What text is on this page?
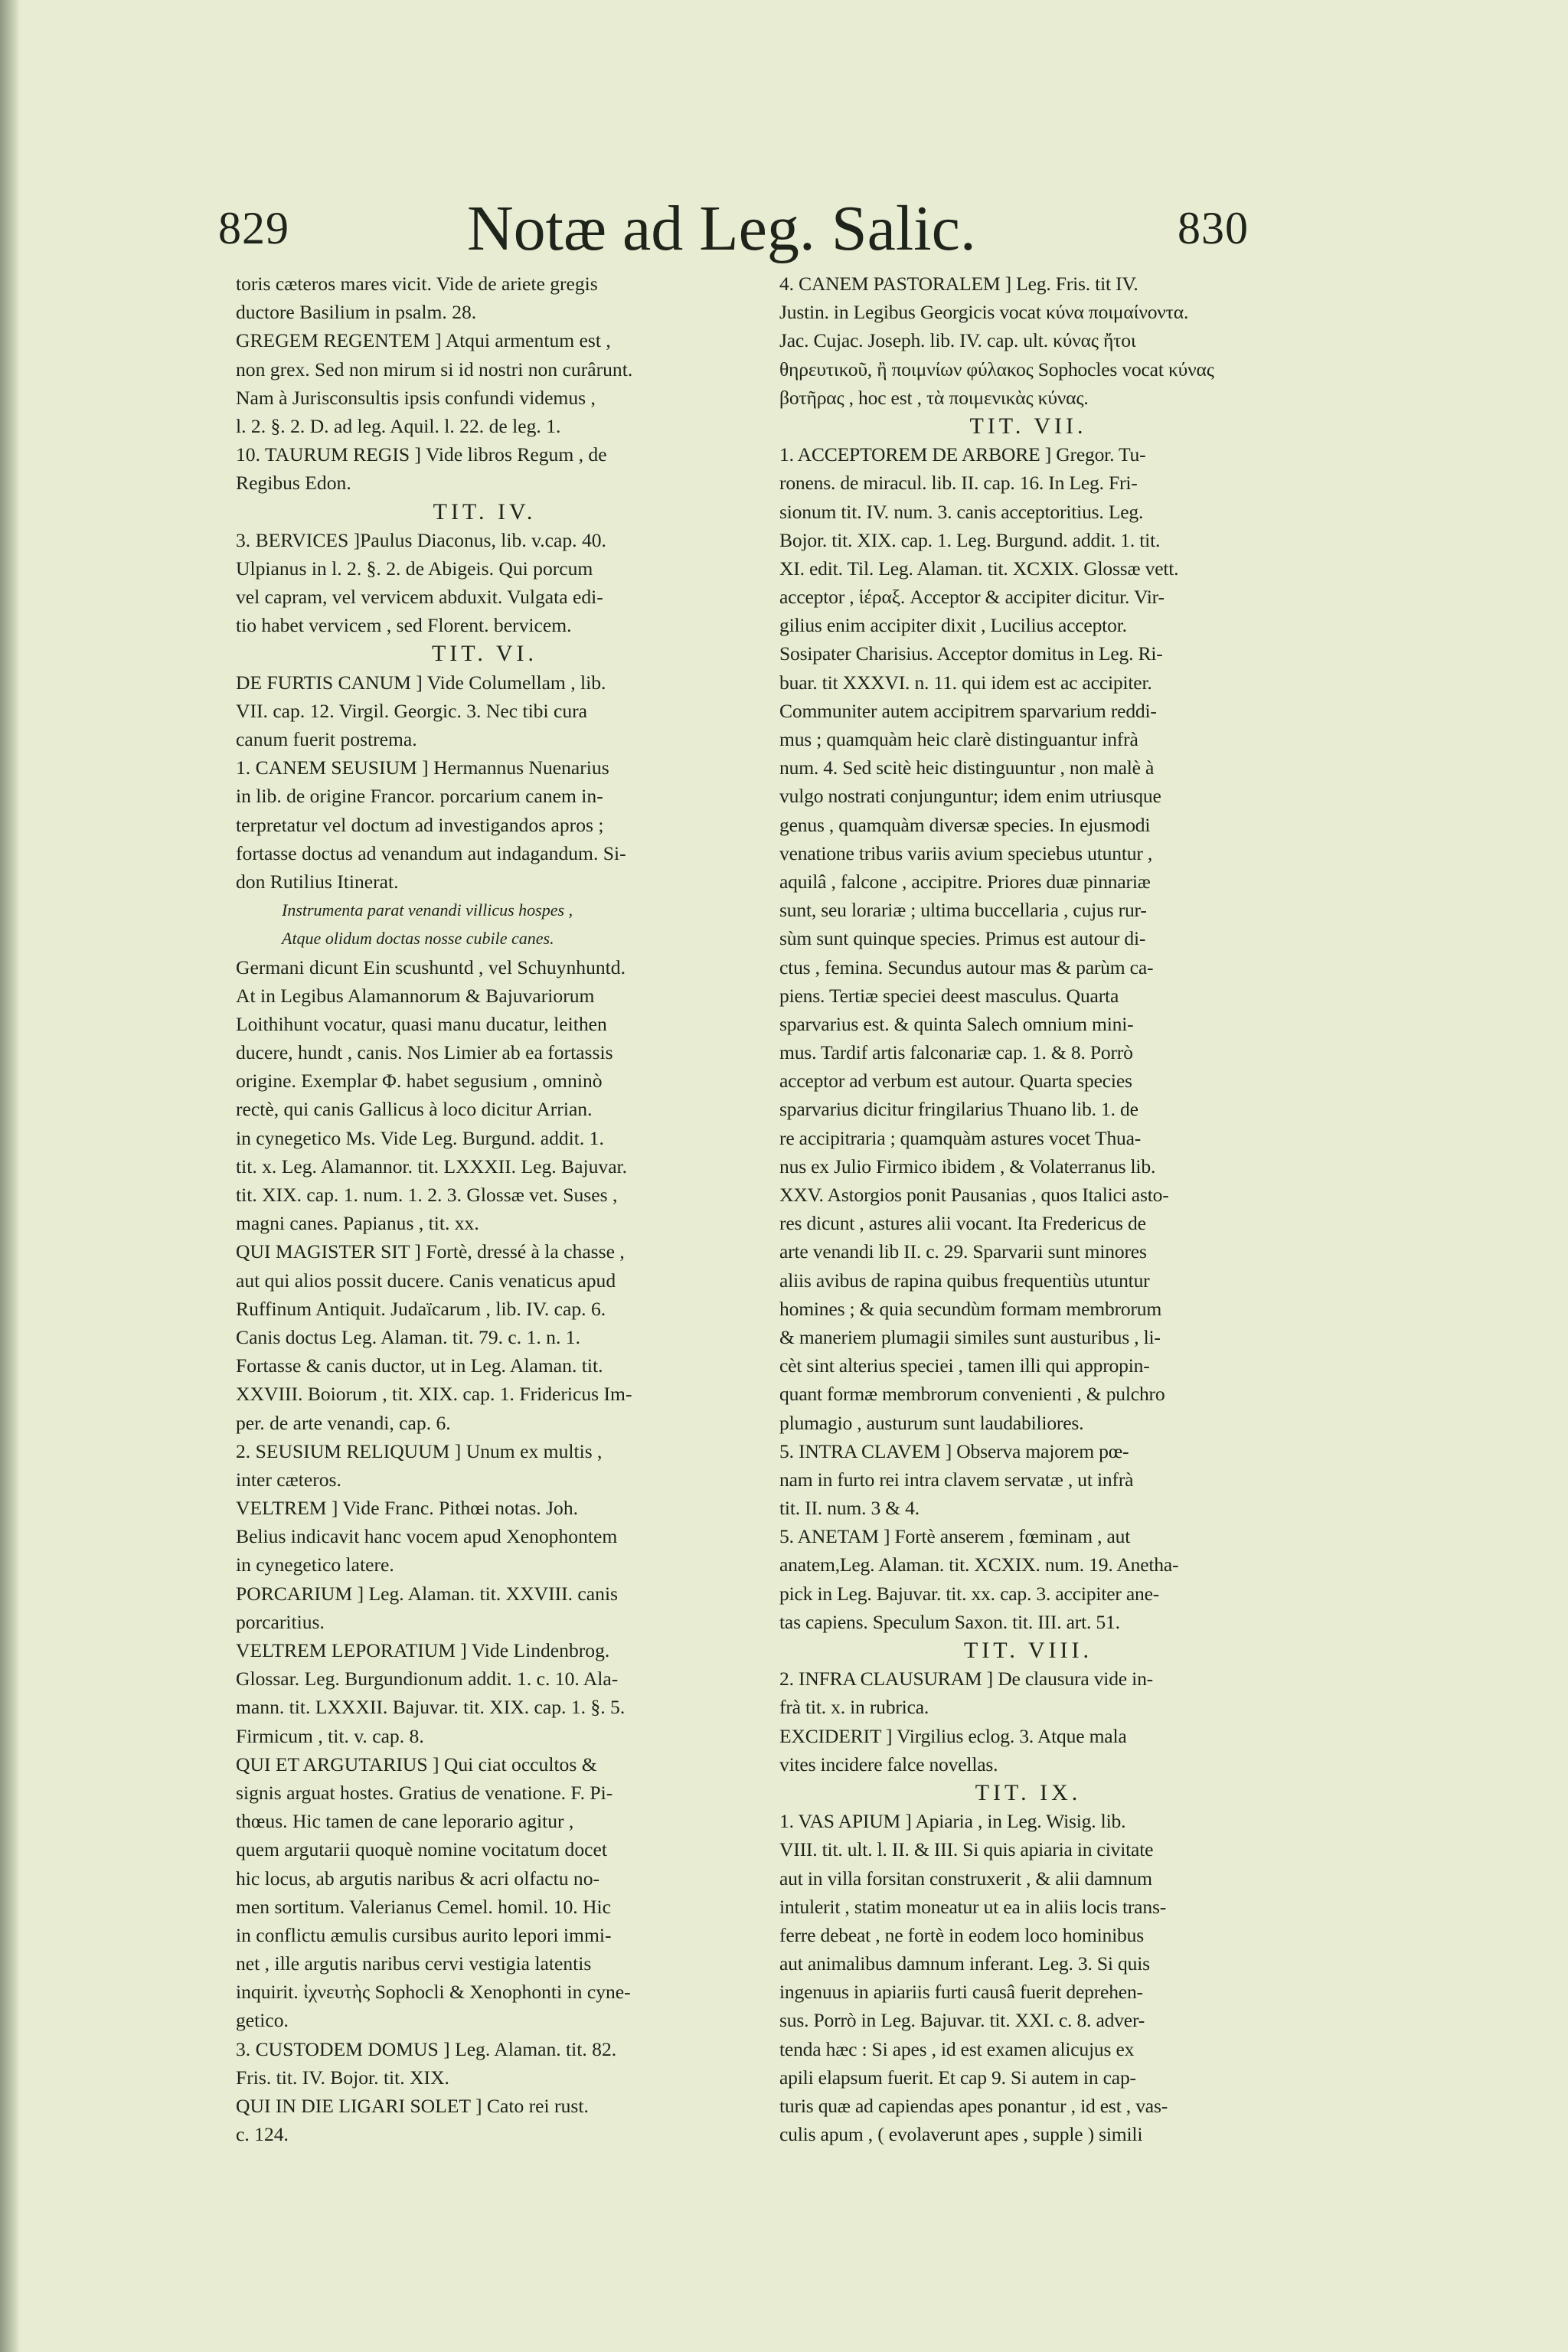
829	Notæ ad Leg. Salic.	830
toris cæteros mares vicit. Vide de ariete gregis
ductore Basilium in psalm. 28.
GREGEM REGENTEM ] Atqui armentum est ,
non grex. Sed non mirum si id nostri non curârunt.
Nam à Jurisconsultis ipsis confundi videmus ,
l. 2. §. 2. D. ad leg. Aquil. l. 22. de leg. 1.
10. TAURUM REGIS ] Vide libros Regum , de
Regibus Edon.
TIT. IV.
3. BERVICES ]Paulus Diaconus, lib. v.cap. 40.
Ulpianus in l. 2. §. 2. de Abigeis. Qui porcum
vel capram, vel vervicem abduxit. Vulgata edi-
tio habet vervicem , sed Florent. bervicem.
TIT. VI.
DE FURTIS CANUM ] Vide Columellam , lib.
VII. cap. 12. Virgil. Georgic. 3. Nec tibi cura
canum fuerit postrema.
1. CANEM SEUSIUM ] Hermannus Nuenarius
in lib. de origine Francor. porcarium canem in-
terpretatur vel doctum ad investigandos apros ;
fortasse doctus ad venandum aut indagandum. Si-
don Rutilius Itinerat.
Instrumenta parat venandi villicus hospes ,
Atque olidum doctas nosse cubile canes.
Germani dicunt Ein scushuntd , vel Schuynhuntd.
At in Legibus Alamannorum & Bajuvariorum
Loithihunt vocatur, quasi manu ducatur, leithen
ducere, hundt , canis. Nos Limier ab ea fortassis
origine. Exemplar Φ. habet segusium , omninò
rectè, qui canis Gallicus à loco dicitur Arrian.
in cynegetico Ms. Vide Leg. Burgund. addit. 1.
tit. x. Leg. Alamannor. tit. LXXXII. Leg. Bajuvar.
tit. XIX. cap. 1. num. 1. 2. 3. Glossæ vet. Suses ,
magni canes. Papianus , tit. xx.
QUI MAGISTER SIT ] Fortè, dressé à la chasse ,
aut qui alios possit ducere. Canis venaticus apud
Ruffinum Antiquit. Judaïcarum , lib. IV. cap. 6.
Canis doctus Leg. Alaman. tit. 79. c. 1. n. 1.
Fortasse & canis ductor, ut in Leg. Alaman. tit.
XXVIII. Boiorum , tit. XIX. cap. 1. Fridericus Im-
per. de arte venandi, cap. 6.
2. SEUSIUM RELIQUUM ] Unum ex multis ,
inter cæteros.
VELTREM ] Vide Franc. Pithœi notas. Joh.
Belius indicavit hanc vocem apud Xenophontem
in cynegetico latere.
PORCARIUM ] Leg. Alaman. tit. XXVIII. canis
porcaritius.
VELTREM LEPORATIUM ] Vide Lindenbrog.
Glossar. Leg. Burgundionum addit. 1. c. 10. Ala-
mann. tit. LXXXII. Bajuvar. tit. XIX. cap. 1. §. 5.
Firmicum , tit. v. cap. 8.
QUI ET ARGUTARIUS ] Qui ciat occultos &
signis arguat hostes. Gratius de venatione. F. Pi-
thœus. Hic tamen de cane leporario agitur ,
quem argutarii quoquè nomine vocitatum docet
hic locus, ab argutis naribus & acri olfactu no-
men sortitum. Valerianus Cemel. homil. 10. Hic
in conflictu æmulis cursibus aurito lepori immi-
net , ille argutis naribus cervi vestigia latentis
inquirit. ἰχνευτὴς Sophocli & Xenophonti in cyne-
getico.
3. CUSTODEM DOMUS ] Leg. Alaman. tit. 82.
Fris. tit. IV. Bojor. tit. XIX.
QUI IN DIE LIGARI SOLET ] Cato rei rust.
c. 124.
4. CANEM PASTORALEM ] Leg. Fris. tit IV.
Justin. in Legibus Georgicis vocat κύνα ποιμαίνοντα.
Jac. Cujac. Joseph. lib. IV. cap. ult. κύνας ἤτοι
θηρευτικοῦ, ἢ ποιμνίων φύλακος Sophocles vocat κύνας
βοτῆρας , hoc est , τὰ ποιμενικὰς κύνας.
TIT. VII.
1. ACCEPTOREM DE ARBORE ] Gregor. Tu-
ronens. de miracul. lib. II. cap. 16. In Leg. Fri-
sionum tit. IV. num. 3. canis acceptoritius. Leg.
Bojor. tit. XIX. cap. 1. Leg. Burgund. addit. 1. tit.
XI. edit. Til. Leg. Alaman. tit. XCXIX. Glossæ vett.
acceptor , ἱέραξ. Acceptor & accipiter dicitur. Vir-
gilius enim accipiter dixit , Lucilius acceptor.
Sosipater Charisius. Acceptor domitus in Leg. Ri-
buar. tit XXXVI. n. 11. qui idem est ac accipiter.
Communiter autem accipitrem sparvarium reddi-
mus ; quamquàm heic clarè distinguantur infrà
num. 4. Sed scitè heic distinguuntur , non malè à
vulgo nostrati conjunguntur; idem enim utriusque
genus , quamquàm diversæ species. In ejusmodi
venatione tribus variis avium speciebus utuntur ,
aquilâ , falcone , accipitre. Priores duæ pinnariæ
sunt, seu lorariæ ; ultima buccellaria , cujus rur-
sùm sunt quinque species. Primus est autour di-
ctus , femina. Secundus autour mas & parùm ca-
piens. Tertiæ speciei deest masculus. Quarta
sparvarius est. & quinta Salech omnium mini-
mus. Tardif artis falconariæ cap. 1. & 8. Porrò
acceptor ad verbum est autour. Quarta species
sparvarius dicitur fringilarius Thuano lib. 1. de
re accipitraria ; quamquàm astures vocet Thua-
nus ex Julio Firmico ibidem , & Volaterranus lib.
XXV. Astorgios ponit Pausanias , quos Italici asto-
res dicunt , astures alii vocant. Ita Fredericus de
arte venandi lib II. c. 29. Sparvarii sunt minores
aliis avibus de rapina quibus frequentiùs utuntur
homines ; & quia secundùm formam membrorum
& maneriem plumagii similes sunt austuribus , li-
cèt sint alterius speciei , tamen illi qui appropin-
quant formæ membrorum convenienti , & pulchro
plumagio , austurum sunt laudabiliores.
5. INTRA CLAVEM ] Observa majorem pœ-
nam in furto rei intra clavem servatæ , ut infrà
tit. II. num. 3 & 4.
5. ANETAM ] Fortè anserem , fœminam , aut
anatem,Leg. Alaman. tit. XCXIX. num. 19. Anetha-
pick in Leg. Bajuvar. tit. xx. cap. 3. accipiter ane-
tas capiens. Speculum Saxon. tit. III. art. 51.
TIT. VIII.
2. INFRA CLAUSURAM ] De clausura vide in-
frà tit. x. in rubrica.
EXCIDERIT ] Virgilius eclog. 3. Atque mala
vites incidere falce novellas.
TIT. IX.
1. VAS APIUM ] Apiaria , in Leg. Wisig. lib.
VIII. tit. ult. l. II. & III. Si quis apiaria in civitate
aut in villa forsitan construxerit , & alii damnum
intulerit , statim moneatur ut ea in aliis locis trans-
ferre debeat , ne fortè in eodem loco hominibus
aut animalibus damnum inferant. Leg. 3. Si quis
ingenuus in apiariis furti causâ fuerit deprehen-
sus. Porrò in Leg. Bajuvar. tit. XXI. c. 8. adver-
tenda hæc : Si apes , id est examen alicujus ex
apili elapsum fuerit. Et cap 9. Si autem in cap-
turis quæ ad capiendas apes ponantur , id est , vas-
culis apum , ( evolaverunt apes , supple ) simili
